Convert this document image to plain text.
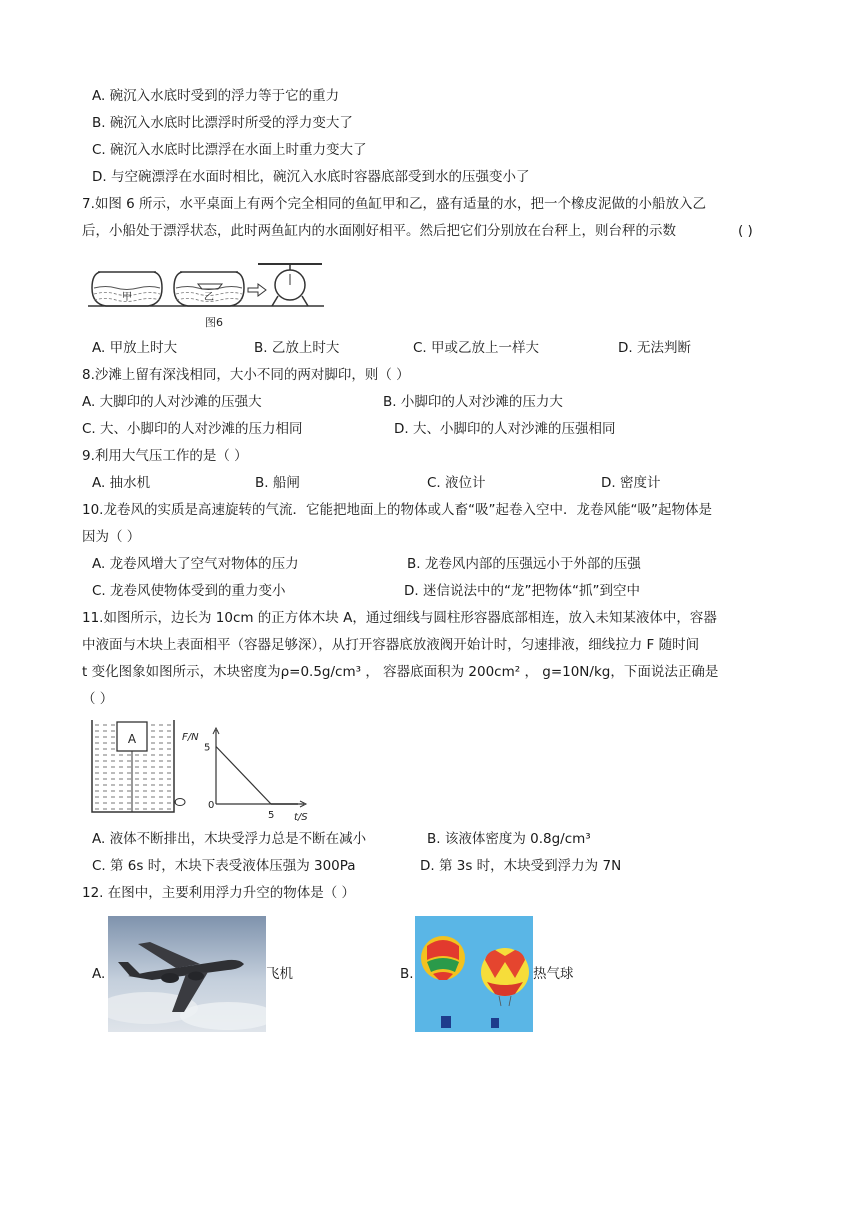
A. 碗沉入水底时受到的浮力等于它的重力
B. 碗沉入水底时比漂浮时所受的浮力变大了
C. 碗沉入水底时比漂浮在水面上时重力变大了
D. 与空碗漂浮在水面时相比，碗沉入水底时容器底部受到水的压强变小了
7.如图 6 所示，水平桌面上有两个完全相同的鱼缸甲和乙，盛有适量的水，把一个橡皮泥做的小船放入乙
后，小船处于漂浮状态，此时两鱼缸内的水面刚好相平。然后把它们分别放在台秤上，则台秤的示数	( )
甲	乙
图6
A. 甲放上时大	B. 乙放上时大	C. 甲或乙放上一样大	D. 无法判断
8.沙滩上留有深浅相同，大小不同的两对脚印，则（ ）
A. 大脚印的人对沙滩的压强大	B. 小脚印的人对沙滩的压力大
C. 大、小脚印的人对沙滩的压力相同	D. 大、小脚印的人对沙滩的压强相同
9.利用大气压工作的是（ ）
A. 抽水机	B. 船闸	C. 液位计	D. 密度计
10.龙卷风的实质是高速旋转的气流．它能把地面上的物体或人畜“吸”起卷入空中．龙卷风能“吸”起物体是
因为（ ）
A. 龙卷风增大了空气对物体的压力	B. 龙卷风内部的压强远小于外部的压强
C. 龙卷风使物体受到的重力变小	D. 迷信说法中的“龙”把物体“抓”到空中
11.如图所示，边长为 10cm 的正方体木块 A，通过细线与圆柱形容器底部相连，放入未知某液体中，容器
中液面与木块上表面相平（容器足够深），从打开容器底放液阀开始计时，匀速排液，细线拉力 F 随时间
t 变化图象如图所示，木块密度为ρ=0.5g/cm³ ， 容器底面积为 200cm² ， g=10N/kg，下面说法正确是
（ ）
A	F/N
t/S
5
0
5
A. 液体不断排出，木块受浮力总是不断在减小	B. 该液体密度为 0.8g/cm³
C. 第 6s 时，木块下表受液体压强为 300Pa	D. 第 3s 时，木块受到浮力为 7N
12. 在图中，主要利用浮力升空的物体是（ ）
A.	飞机	B.	热气球
